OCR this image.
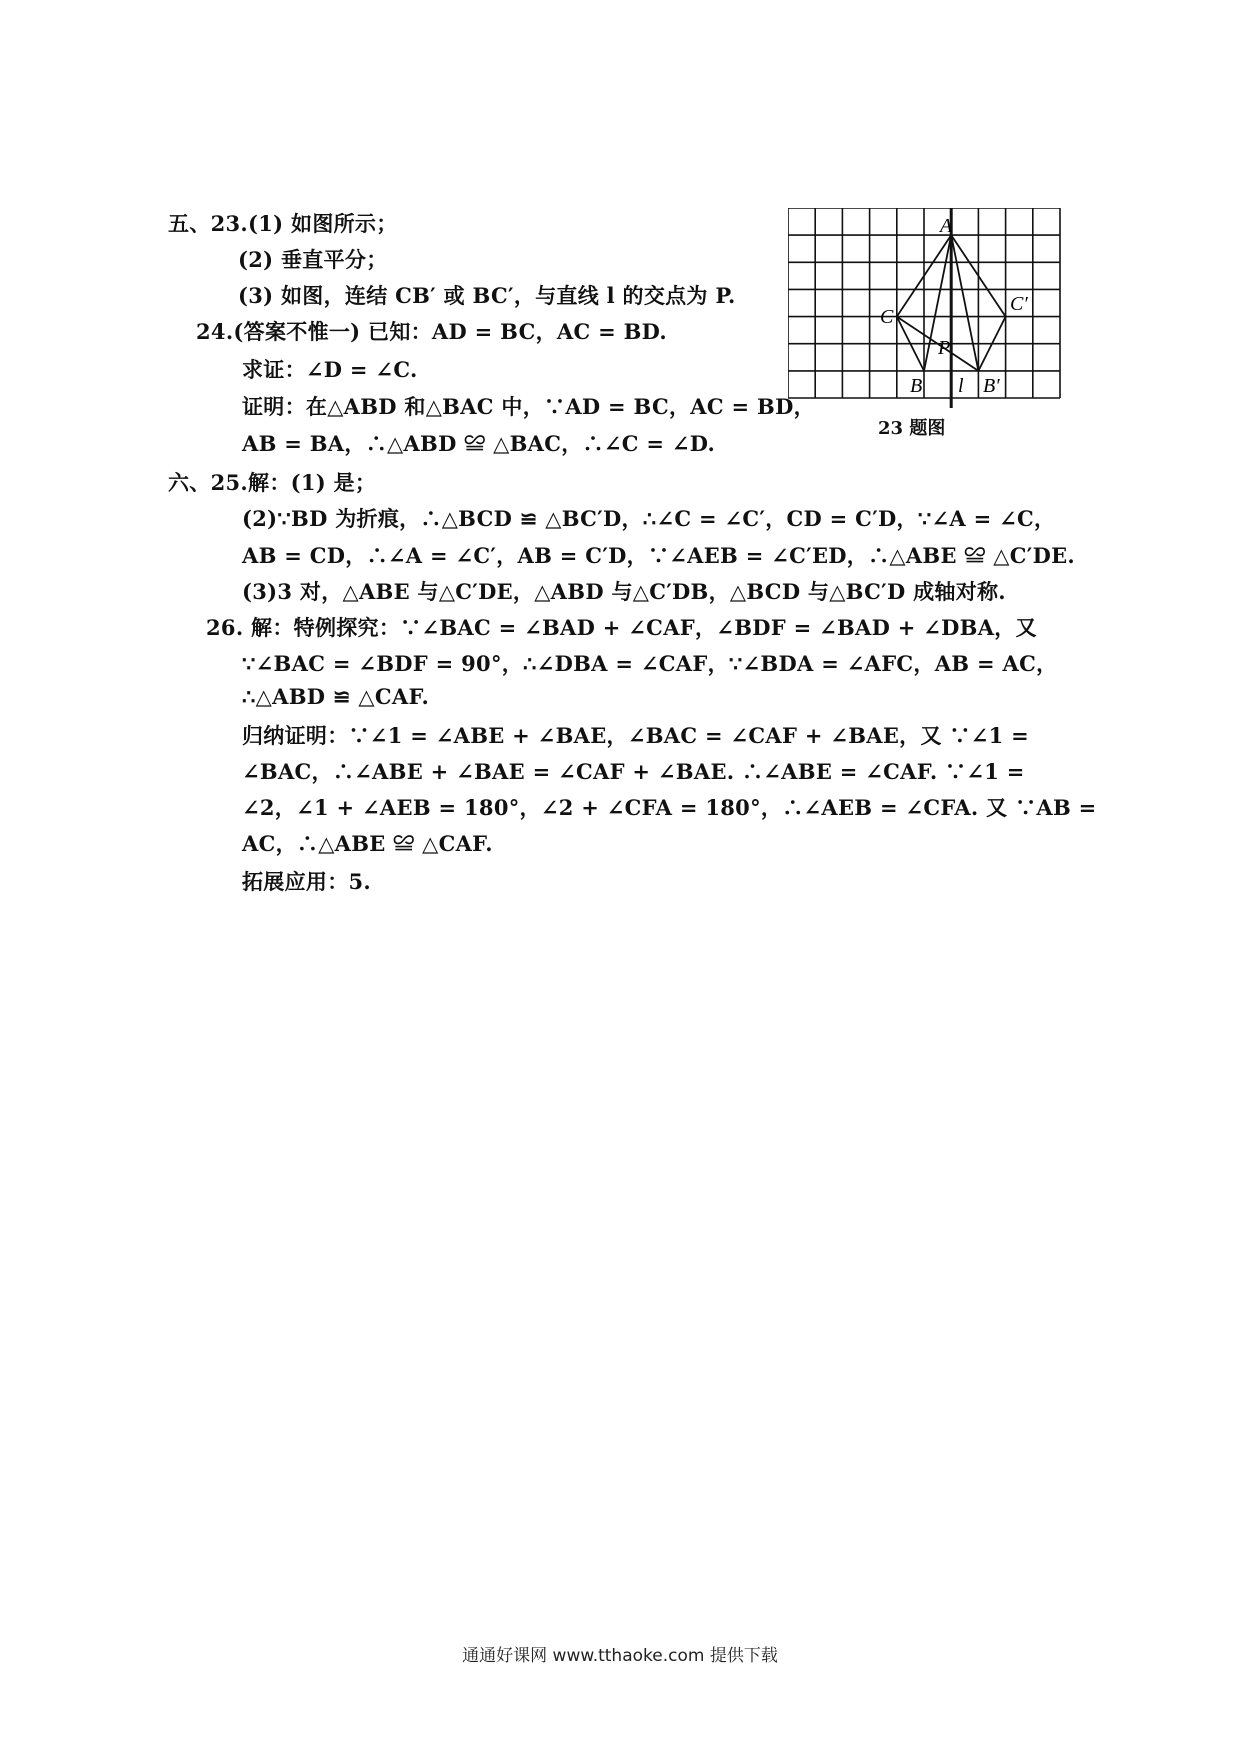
五、23.(1) 如图所示；
(2) 垂直平分；
(3) 如图，连结 CB′ 或 BC′，与直线 l 的交点为 P.
24.(答案不惟一) 已知：AD = BC，AC = BD.
求证：∠D = ∠C.
证明：在△ABD 和△BAC 中，∵AD = BC，AC = BD，
AB = BA，∴△ABD ≌ △BAC，∴∠C = ∠D.
六、25.解：(1) 是；
(2)∵BD 为折痕，∴△BCD ≌ △BC′D，∴∠C = ∠C′，CD = C′D，∵∠A = ∠C，
AB = CD，∴∠A = ∠C′，AB = C′D，∵∠AEB = ∠C′ED，∴△ABE ≌ △C′DE.
(3)3 对，△ABE 与△C′DE，△ABD 与△C′DB，△BCD 与△BC′D 成轴对称.
26. 解：特例探究：∵∠BAC = ∠BAD + ∠CAF，∠BDF = ∠BAD + ∠DBA，又
∵∠BAC = ∠BDF = 90°，∴∠DBA = ∠CAF，∵∠BDA = ∠AFC，AB = AC，
∴△ABD ≌ △CAF.
归纳证明：∵∠1 = ∠ABE + ∠BAE，∠BAC = ∠CAF + ∠BAE，又 ∵∠1 =
∠BAC，∴∠ABE + ∠BAE = ∠CAF + ∠BAE. ∴∠ABE = ∠CAF. ∵∠1 =
∠2，∠1 + ∠AEB = 180°，∠2 + ∠CFA = 180°，∴∠AEB = ∠CFA. 又 ∵AB =
AC，∴△ABE ≌ △CAF.
拓展应用：5.
A
C
C′
P
B l B′
23 题图
通通好课网 www.tthaoke.com 提供下载
